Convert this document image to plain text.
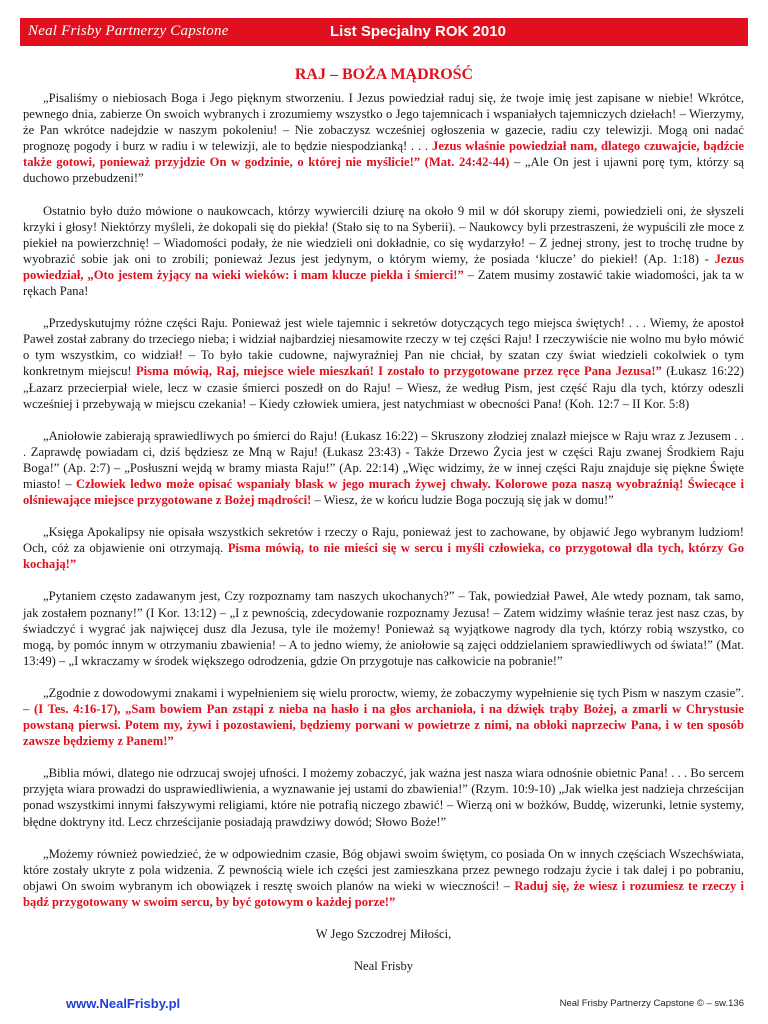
Neal Frisby Partnerzy Capstone	List Specjalny ROK 2010
RAJ – BOŻA MĄDROŚĆ

„Pisaliśmy o niebiosach Boga i Jego pięknym stworzeniu. I Jezus powiedział raduj się, że twoje imię jest zapisane w niebie! Wkrótce, pewnego dnia, zabierze On swoich wybranych i zrozumiemy wszystko o Jego tajemnicach i wspaniałych tajemniczych dziełach! – Wierzymy, że Pan wkrótce nadejdzie w naszym pokoleniu! – Nie zobaczysz wcześniej ogłoszenia w gazecie, radiu czy telewizji. Mogą oni nadać prognozę pogody i burz w radiu i w telewizji, ale to będzie niespodzianką! . . . Jezus właśnie powiedział nam, dlatego czuwajcie, bądźcie także gotowi, ponieważ przyjdzie On w godzinie, o której nie myślicie!” (Mat. 24:42-44) – „Ale On jest i ujawni porę tym, którzy są duchowo przebudzeni!”

Ostatnio było dużo mówione o naukowcach, którzy wywiercili dziurę na około 9 mil w dół skorupy ziemi, powiedzieli oni, że słyszeli krzyki i głosy! Niektórzy myśleli, że dokopali się do piekła! (Stało się to na Syberii). – Naukowcy byli przestraszeni, że wypuścili złe moce z piekieł na powierzchnię! – Wiadomości podały, że nie wiedzieli oni dokładnie, co się wydarzyło! – Z jednej strony, jest to trochę trudne by wyobrazić sobie jak oni to zrobili; ponieważ Jezus jest jedynym, o którym wiemy, że posiada ‘klucze’ do piekieł! (Ap. 1:18) - Jezus powiedział, „Oto jestem żyjący na wieki wieków: i mam klucze piekła i śmierci!” – Zatem musimy zostawić takie wiadomości, jak ta w rękach Pana!

„Przedyskutujmy różne części Raju. Ponieważ jest wiele tajemnic i sekretów dotyczących tego miejsca świętych! . . . Wiemy, że apostoł Paweł został zabrany do trzeciego nieba; i widział najbardziej niesamowite rzeczy w tej części Raju! I rzeczywiście nie wolno mu było mówić o tym wszystkim, co widział! – To było takie cudowne, najwyraźniej Pan nie chciał, by szatan czy świat wiedzieli cokolwiek o tym konkretnym miejscu! Pisma mówią, Raj, miejsce wiele mieszkań! I zostało to przygotowane przez ręce Pana Jezusa!” (Łukasz 16:22) „Łazarz przecierpiał wiele, lecz w czasie śmierci poszedł on do Raju! – Wiesz, że według Pism, jest część Raju dla tych, którzy odeszli wcześniej i przebywają w miejscu czekania! – Kiedy człowiek umiera, jest natychmiast w obecności Pana! (Koh. 12:7 – II Kor. 5:8)

„Aniołowie zabierają sprawiedliwych po śmierci do Raju! (Łukasz 16:22) – Skruszony złodziej znalazł miejsce w Raju wraz z Jezusem . . . Zaprawdę powiadam ci, dziś będziesz ze Mną w Raju! (Łukasz 23:43) - Także Drzewo Życia jest w części Raju zwanej Środkiem Raju Boga!” (Ap. 2:7) – „Posłuszni wejdą w bramy miasta Raju!” (Ap. 22:14) „Więc widzimy, że w innej części Raju znajduje się piękne Święte miasto! – Człowiek ledwo może opisać wspaniały blask w jego murach żywej chwały. Kolorowe poza naszą wyobraźnią! Świecące i olśniewające miejsce przygotowane z Bożej mądrości! – Wiesz, że w końcu ludzie Boga poczują się jak w domu!”

„Księga Apokalipsy nie opisała wszystkich sekretów i rzeczy o Raju, ponieważ jest to zachowane, by objawić Jego wybranym ludziom! Och, cóż za objawienie oni otrzymają. Pisma mówią, to nie mieści się w sercu i myśli człowieka, co przygotował dla tych, którzy Go kochają!”

„Pytaniem często zadawanym jest, Czy rozpoznamy tam naszych ukochanych?” – Tak, powiedział Paweł, Ale wtedy poznam, tak samo, jak zostałem poznany!” (I Kor. 13:12) – „I z pewnością, zdecydowanie rozpoznamy Jezusa! – Zatem widzimy właśnie teraz jest nasz czas, by świadczyć i wygrać jak najwięcej dusz dla Jezusa, tyle ile możemy! Ponieważ są wyjątkowe nagrody dla tych, którzy robią wszystko, co mogą, by pomóc innym w otrzymaniu zbawienia! – A to jedno wiemy, że aniołowie są zajęci oddzielaniem sprawiedliwych od świata!” (Mat. 13:49) – „I wkraczamy w środek większego odrodzenia, gdzie On przygotuje nas całkowicie na pobranie!”

„Zgodnie z dowodowymi znakami i wypełnieniem się wielu proroctw, wiemy, że zobaczymy wypełnienie się tych Pism w naszym czasie”. – (I Tes. 4:16-17), „Sam bowiem Pan zstąpi z nieba na hasło i na głos archanioła, i na dźwięk trąby Bożej, a zmarli w Chrystusie powstaną pierwsi. Potem my, żywi i pozostawieni, będziemy porwani w powietrze z nimi, na obłoki naprzeciw Pana, i w ten sposób zawsze będziemy z Panem!”

„Biblia mówi, dlatego nie odrzucaj swojej ufności. I możemy zobaczyć, jak ważna jest nasza wiara odnośnie obietnic Pana! . . . Bo sercem przyjęta wiara prowadzi do usprawiedliwienia, a wyznawanie jej ustami do zbawienia!” (Rzym. 10:9-10) „Jak wielka jest nadzieja chrześcijan ponad wszystkimi innymi fałszywymi religiami, które nie potrafią niczego zbawić! – Wierzą oni w bożków, Buddę, wizerunki, letnie systemy, błędne doktryny itd. Lecz chrześcijanie posiadają prawdziwy dowód; Słowo Boże!”

„Możemy również powiedzieć, że w odpowiednim czasie, Bóg objawi swoim świętym, co posiada On w innych częściach Wszechświata, które zostały ukryte z pola widzenia. Z pewnością wiele ich części jest zamieszkana przez pewnego rodzaju życie i tak dalej i po pobraniu, objawi On swoim wybranym ich obowiązek i resztę swoich planów na wieki w wieczności! – Raduj się, że wiesz i rozumiesz te rzeczy i bądź przygotowany w swoim sercu, by być gotowym o każdej porze!”

W Jego Szczodrej Miłości,

Neal Frisby

www.NealFrisby.pl	Neal Frisby Partnerzy Capstone © – sw.136
